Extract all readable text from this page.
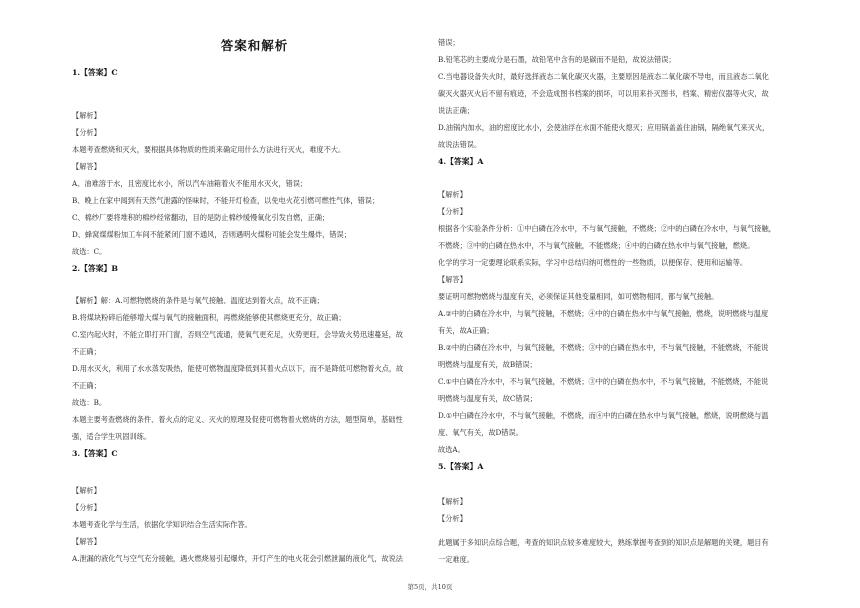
答案和解析
1.【答案】C
【解析】
【分析】
本题考查燃烧和灭火，要根据具体物质的性质来确定用什么方法进行灭火，难度不大。
【解答】
A、油难溶于水，且密度比水小，所以汽车油箱着火不能用水灭火，错误；
B、晚上在家中闻到有天然气泄露的怪味时，不能开灯检查，以免电火花引燃可燃性气体，错误；
C、棉纱厂要将堆积的棉纱经常翻动，目的是防止棉纱缓慢氧化引发自燃，正确；
D、蜂窝煤煤粉加工车间不能紧闭门窗不通风，否则遇明火煤粉可能会发生爆炸，错误；
故选：C。
2.【答案】B
【解析】解：A.可燃物燃烧的条件是与氧气接触、温度达到着火点，故不正确；
B.将煤块粉碎后能够增大煤与氧气的接触面积，再燃烧能够使其燃烧更充分，故正确；
C.室内起火时，不能立即打开门窗，否则空气流通，使氧气更充足，火势更旺，会导致火势迅速蔓延，故
不正确；
D.用水灭火，利用了水水蒸发吸热，能使可燃物温度降低到其着火点以下，而不是降低可燃物着火点，故
不正确；
故选：B。
本题主要考查燃烧的条件、着火点的定义、灭火的原理及促使可燃物着火燃烧的方法，题型简单，基础性
强，适合学生巩固训练。
3.【答案】C
【解析】
【分析】
本题考查化学与生活，依据化学知识结合生活实际作答。
【解答】
A.泄漏的液化气与空气充分接触，遇火燃烧易引起爆炸，开灯产生的电火花会引燃泄漏的液化气，故说法
错误；
B.铅笔芯的主要成分是石墨，故铅笔中含有的是碳而不是铅，故说法错误；
C.当电器设备失火时，最好选择液态二氧化碳灭火器，主要原因是液态二氧化碳不导电，而且液态二氧化
碳灭火器灭火后不留有痕迹，不会造成图书档案的损坏，可以用来扑灭图书，档案、精密仪器等火灾，故
说法正确；
D.油锅内加水，油的密度比水小，会使油浮在水面不能使火熄灭；应用锅盖盖住油锅，隔绝氧气来灭火，
故说法错误。
4.【答案】A
【解析】
【分析】
根据各个实验条件分析：①中白磷在冷水中，不与氧气接触，不燃烧；②中的白磷在冷水中，与氧气接触，
不燃烧；③中的白磷在热水中，不与氧气接触，不能燃烧；④中的白磷在热水中与氧气接触，燃烧。
化学的学习一定要理论联系实际，学习中总结归纳可燃性的一些物质，以便保存、使用和运输等。
【解答】
要证明可燃物燃烧与温度有关，必须保证其他变量相同，如可燃物相同，都与氧气接触。
A.②中的白磷在冷水中，与氧气接触，不燃烧；④中的白磷在热水中与氧气接触，燃烧，说明燃烧与温度
有关，故A正确；
B.②中的白磷在冷水中，与氧气接触，不燃烧；③中的白磷在热水中，不与氧气接触，不能燃烧，不能说
明燃烧与温度有关，故B错误；
C.①中白磷在冷水中，不与氧气接触，不燃烧；③中的白磷在热水中，不与氧气接触，不能燃烧，不能说
明燃烧与温度有关，故C错误；
D.①中白磷在冷水中，不与氧气接触，不燃烧，而④中的白磷在热水中与氧气接触，燃烧，说明燃烧与温
度、氧气有关，故D错误。
故选A。
5.【答案】A
【解析】
【分析】
此题属于多知识点综合题，考查的知识点较多难度较大，熟练掌握考查到的知识点是解题的关键，题目有
一定难度。
第5页，共10页
